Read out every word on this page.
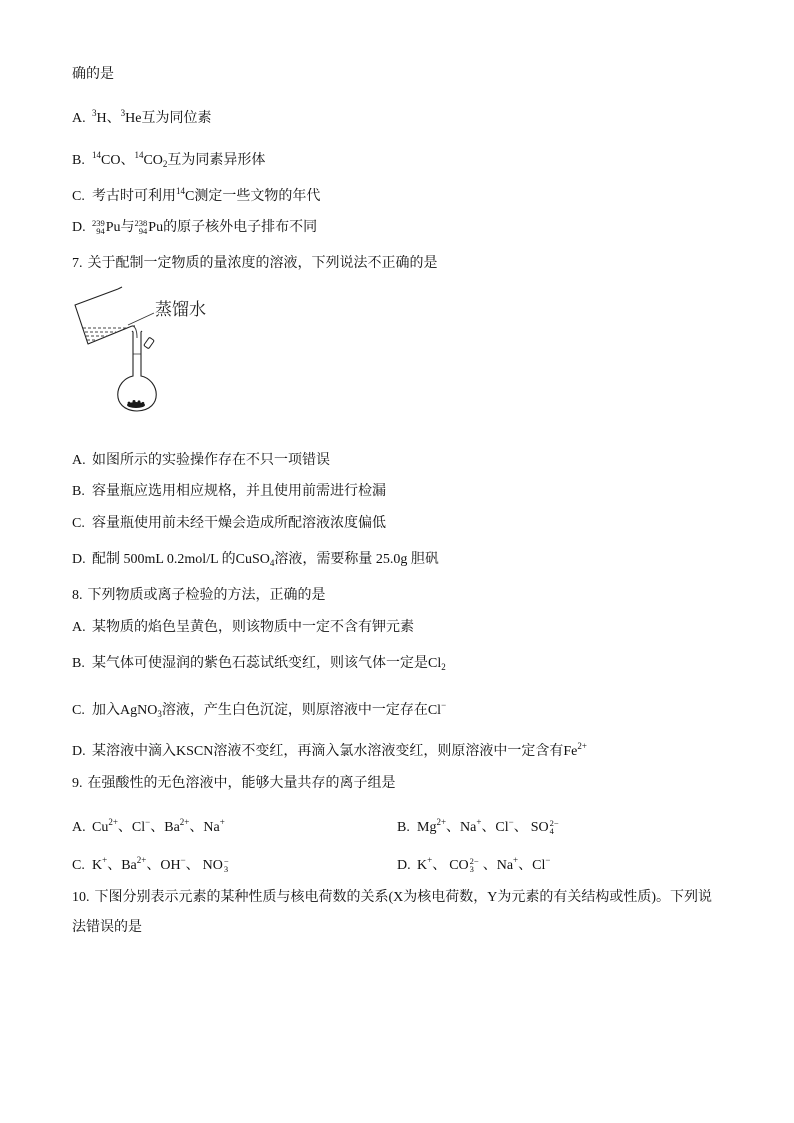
确的是
A. $^3$ H 、 $^3$ He 互为同位素
B. $^{14}$ CO 、 $^{14}$ CO $_2$ 互为同素异形体
C. 考古时可利用 $^{14}$ C 测定一些文物的年代
D. 239
94 Pu 与 238
94 Pu 的原子核外电子排布不同
7. 关于配制一定物质的量浓度的溶液，下列说法不正确的是
蒸馏水
A. 如图所示的实验操作存在不只一项错误
B. 容量瓶应选用相应规格，并且使用前需进行检漏
C. 容量瓶使用前未经干燥会造成所配溶液浓度偏低
D. 配制 500mL 0.2mol/L 的 CuSO $_4$ 溶液，需要称量 25.0g 胆矾
8. 下列物质或离子检验的方法，正确的是
A. 某物质的焰色呈黄色，则该物质中一定不含有钾元素
B. 某气体可使湿润的紫色石蕊试纸变红，则该气体一定是 Cl $_2$
C. 加入 AgNO $_3$ 溶液，产生白色沉淀，则原溶液中一定存在 Cl −
D. 某溶液中滴入 KSCN 溶液不变红，再滴入氯水溶液变红，则原溶液中一定含有 Fe $^{2+}$
9. 在强酸性的无色溶液中，能够大量共存的离子组是
A. Cu $^{2+}$ 、Cl − 、Ba $^{2+}$ 、Na +	B. Mg $^{2+}$ 、Na + 、Cl − 、 SO 2−
4
C. K + 、Ba $^{2+}$ 、OH − 、 NO −
3	D. K + 、 CO 2−
3 、Na + 、Cl −
10. 下图分别表示元素的某种性质与核电荷数的关系(X为核电荷数，Y为元素的有关结构或性质)。下列说
法错误的是
